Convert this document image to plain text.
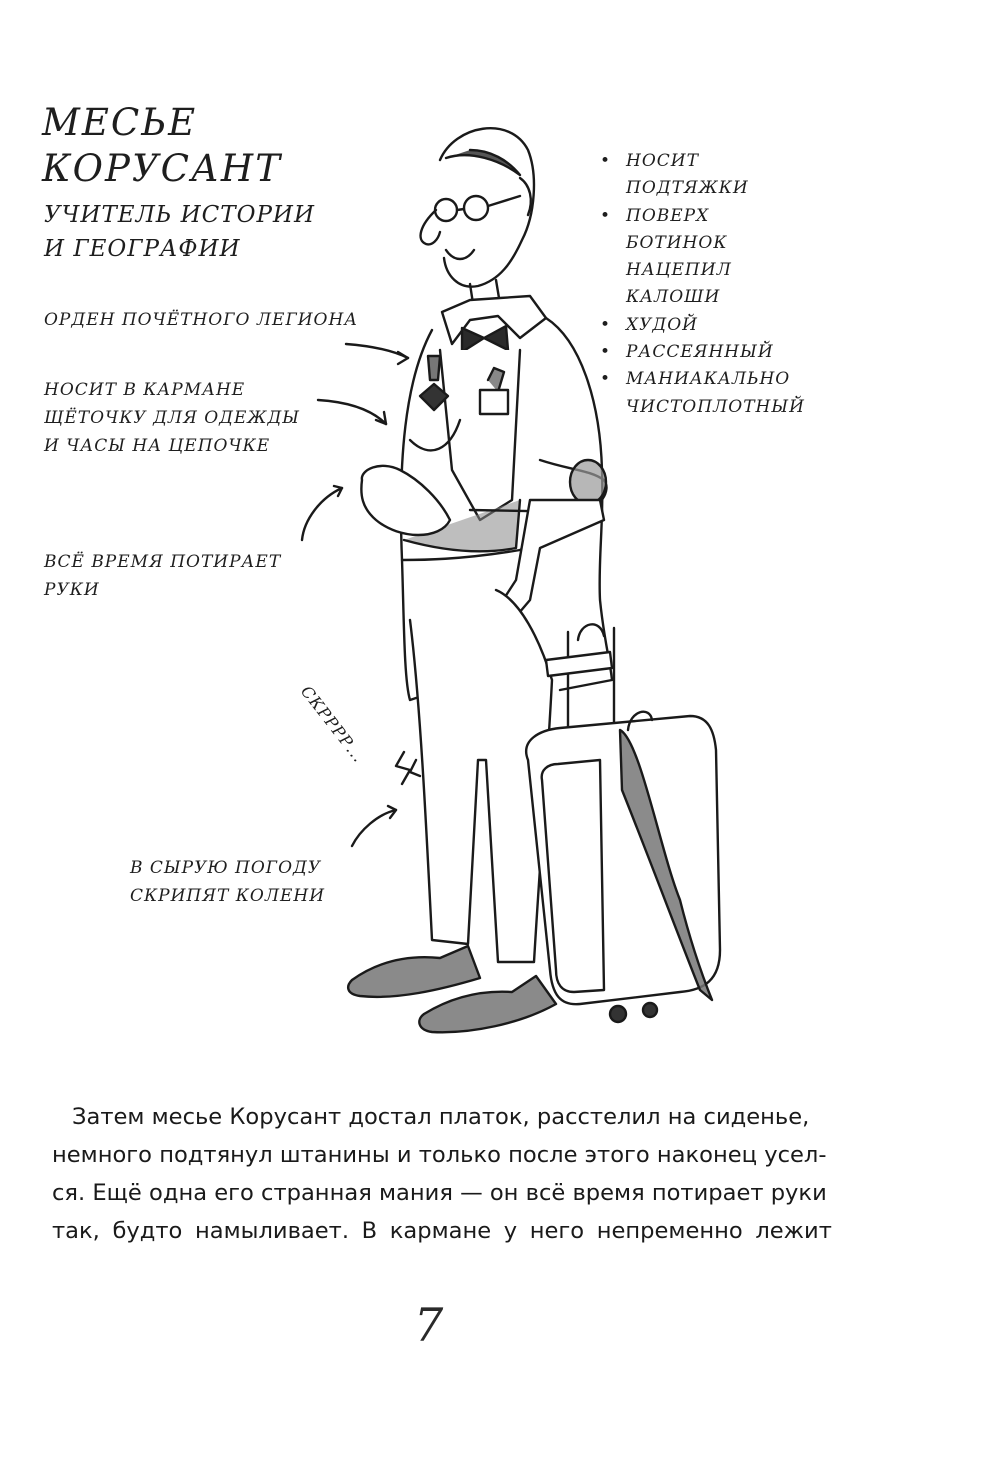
МЕСЬЕ
КОРУСАНТ
УЧИТЕЛЬ ИСТОРИИ
И ГЕОГРАФИИ
ОРДЕН ПОЧЁТНОГО ЛЕГИОНА
НОСИТ В КАРМАНЕ
ЩЁТОЧКУ ДЛЯ ОДЕЖДЫ
И ЧАСЫ НА ЦЕПОЧКЕ
ВСЁ ВРЕМЯ ПОТИРАЕТ
РУКИ
СКРРРР...
В СЫРУЮ ПОГОДУ
СКРИПЯТ КОЛЕНИ
• НОСИТ
ПОДТЯЖКИ
• ПОВЕРХ
БОТИНОК
НАЦЕПИЛ
КАЛОШИ
• ХУДОЙ
• РАССЕЯННЫЙ
• МАНИАКАЛЬНО
ЧИСТОПЛОТНЫЙ
Затем месье Корусант достал платок, расстелил на сиденье,
немного подтянул штанины и только после этого наконец усел-
ся. Ещё одна его странная мания — он всё время потирает руки
так, будто намыливает. В кармане у него непременно лежит
7
